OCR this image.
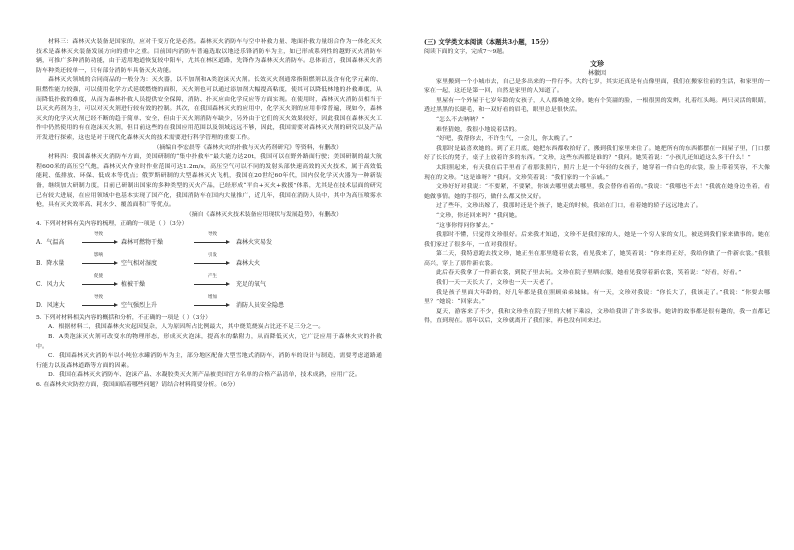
材料三：森林灭火装备是国家的，应对千变万化是必然。森林灭火消防车与空中补救力量、地面扑救力量组合作为一体化灭火技术是森林灭火装备发展方向的重中之重。目前国内消防车普遍选取以地迳乐锋消防车为主，如已形成系列性的越野灭火消防车辆，可推广多种消防功能，由于适用地道恢复较中阳车，尤其在林区道路，先锋作为森林灭火消防车。总体而言，我国森林灭火消防车种类还较单一，只有部分消防车具备灭火功能。

森林灭火领域的合同商品的一般分为：灭火器，以不加剂和A类泡沫灭火剂。长效灭火剂通常指阻燃剂以及含有化学元素的、阻燃性能力较强，可以使用化学方式延缓燃烧的面积，灭火剂也可以通过添加剂大幅提高粘度，使其可以降低林地的扑救难度，从而降低扑救的难度，从而为森林扑救人员提供安全保障，消防、扑灭应由化学反应等方面实现。在使用时，森林灭火消防员相当于以灭火药剂为主，可以对灭火剂进行较有效的控制。其次，在我国森林灭火的应用中，化学灭火剂的应用非常普遍，现如今，森林灭火的化学灭火剂已经不断的趋于简单、安全，但由于灭火剂消防车缺少，另外由于它们的灭火效果较好，因此我国在森林灭火工作中仍然使用的有在泡沫灭火剂，但目前这些的在我国应用范围以及领域远远不够，因此，我国需要对森林灭火剂的研究以及产品开发进行探索，这也是对于现代化森林灭火的技术需要进行科学管理的重要工作。

（摘编自李宏晨等《森林火灾的扑救与灭火药剂研究》等资料，有删改）

材料四：我国森林灭火消防车方面，美国研制的“集中扑救车”最大能力达20t，我国可以在野外路面行驶；美国研制的最大航程600米的高压空气炮，森林灭火作业时作业范围可达1.2m/s，高压空气可以不同的发射头部快速高效的灭火技术，属于高效低能耗、低排放、环保、低成本等优点；俄罗斯研制的大型森林灭火飞机，我国在20世纪60年代，国内仅化学灭火器为一种新装备，继续加大研制力度，目前已研制出国家的多种类型的灭火产品，已经形成“平台+灭火+救援”体系，尤其是在技术层面的研究已有较大进展，在应用领域中也基本实现了国产化，我国消防车在国内大量推广，近几年，我国在消防人员中，其中为高压喷雾水枪，具有灭火效率高、耗水少、覆盖面积广等优点。

（摘自《森林灭火技术装备应用现状与发展趋势》，有删改）

4. 下列对材料有关内容的梳理，正确的一项是（ ）（3分）

A．气温高
导致
森林可燃物干燥
导致
森林火灾易发
B．降水量
影响
空气相对湿度
引发
森林大火
C．风力大
促使
植被干燥
产生
充足的氧气
D．风速大
导致
空气强烈上升
增加
消防人员安全隐患

5. 下列对材料相关内容的概括和分析，不正确的一项是（ ）（3分）

A．根据材料二，我国森林火灾起因复杂，人为原因所占比例最大，其中烧荒烧炭占比还不足三分之一。

B．A类泡沫灭火剂可改变水的物理形态，形成灭火泡沫，提高水的黏附力，从而降低灭火，它广泛应用于森林火灾的扑救中。

C．我国森林灭火消防车以小吨位水罐消防车为主，部分地区配备大型雪地式消防车，消防车的设计与制造，需要考虑道路通行能力以及森林道路等方面的因素。

D．我国在森林灭火消防车、泡沫产品、水凝胶类灭火剂产品被美国官方名单的合格产品清单，技术成熟，应用广泛。

6. 在森林火灾防控方面，我国面临着哪些问题？请结合材料简要分析。（6分）

(三) 文学类文本阅读（本题共3小题，15分）

阅读下面的文字，完成7～9题。

文珍

林徽因

家里搬到一个小城市去，自己是多出来的一件行李。大约七岁，其实还真是有点像里面，我们在搬家往前的生活，和家里的一家在一起，这还是第一回，自然是家里的人知道了。

里屋有一个外屋于七岁年龄的女孩子，人人都唤她文珍。她有个笑靥的脸，一根很黑的发辫，扎着红头绳。两只灵活的眼睛，透过黑黑的长睫毛，和一双好看的眉毛，眼里总是很快活。

“怎么不去呐呐？”

难怪猜她，我很小地说着话的。

“好吧，我帮你去，不许生气，一会儿，你太晚了。”

我那时是最喜欢她的。到了正月底，她把东西都收拾好了，搬到我们家里来住了。她把所有的东西都摆在一间屋子里，门口摆好了长长的凳子，桌子上放着许多的东西。“文珍，这些东西都是谁的？”我问。她笑着说：“小孩儿还知道这么多干什么！”

太阳照起来，有天我在后手里看了看那张照片，照片上是一个年轻的女孩子，她穿着一件白色的衣裳，脸上带着笑容，不大像现在的文珍。“这是谁呀？”我问。文珍笑着说：“我们家的一个亲戚。”

文珍好好对我说：“不要紧，不要紧，你该去哪里就去哪里，我会替你看着的。”我说：“我哪也不去！”我就在她身边坐着，看她做事情。她的手很巧，做什么都又快又好。

过了些年，文珍出嫁了，我那时还是个孩子，她走的时候，我站在门口，看着她的轿子远远地去了。

“文珍，你还回来吗？”我问她。

“这事你得问你爹去。”

我那时不懂，只觉得文珍很好。后来我才知道，文珍不是我们家的人，她是一个穷人家的女儿，被送到我们家来做事的。她在我们家过了很多年，一直对我很好。

第二天，我特意跑去找文珍，她正坐在那里缝着衣裳，看见我来了，她笑着说：“你来得正好，我给你做了一件新衣裳。”我很高兴，穿上了那件新衣裳。

此后春天我拿了一件新衣裳，到院子里去玩。文珍在院子里晒衣服，她看见我穿着新衣裳，笑着说：“好看，好看。”

我们一天一天长大了，文珍也一天一天老了。

我是孩子里面大年龄的，好几年都是我在照顾弟弟妹妹。有一天，文珍对我说：“你长大了，我该走了。”我说：“你要去哪里？”她说：“回家去。”

夏天，游客来了不少，我和文珍坐在院子里的大树下乘凉，文珍给我讲了许多故事。她讲的故事都是很有趣的，我一直都记得，直到现在。那年以后，文珍就离开了我们家，再也没有回来过。
